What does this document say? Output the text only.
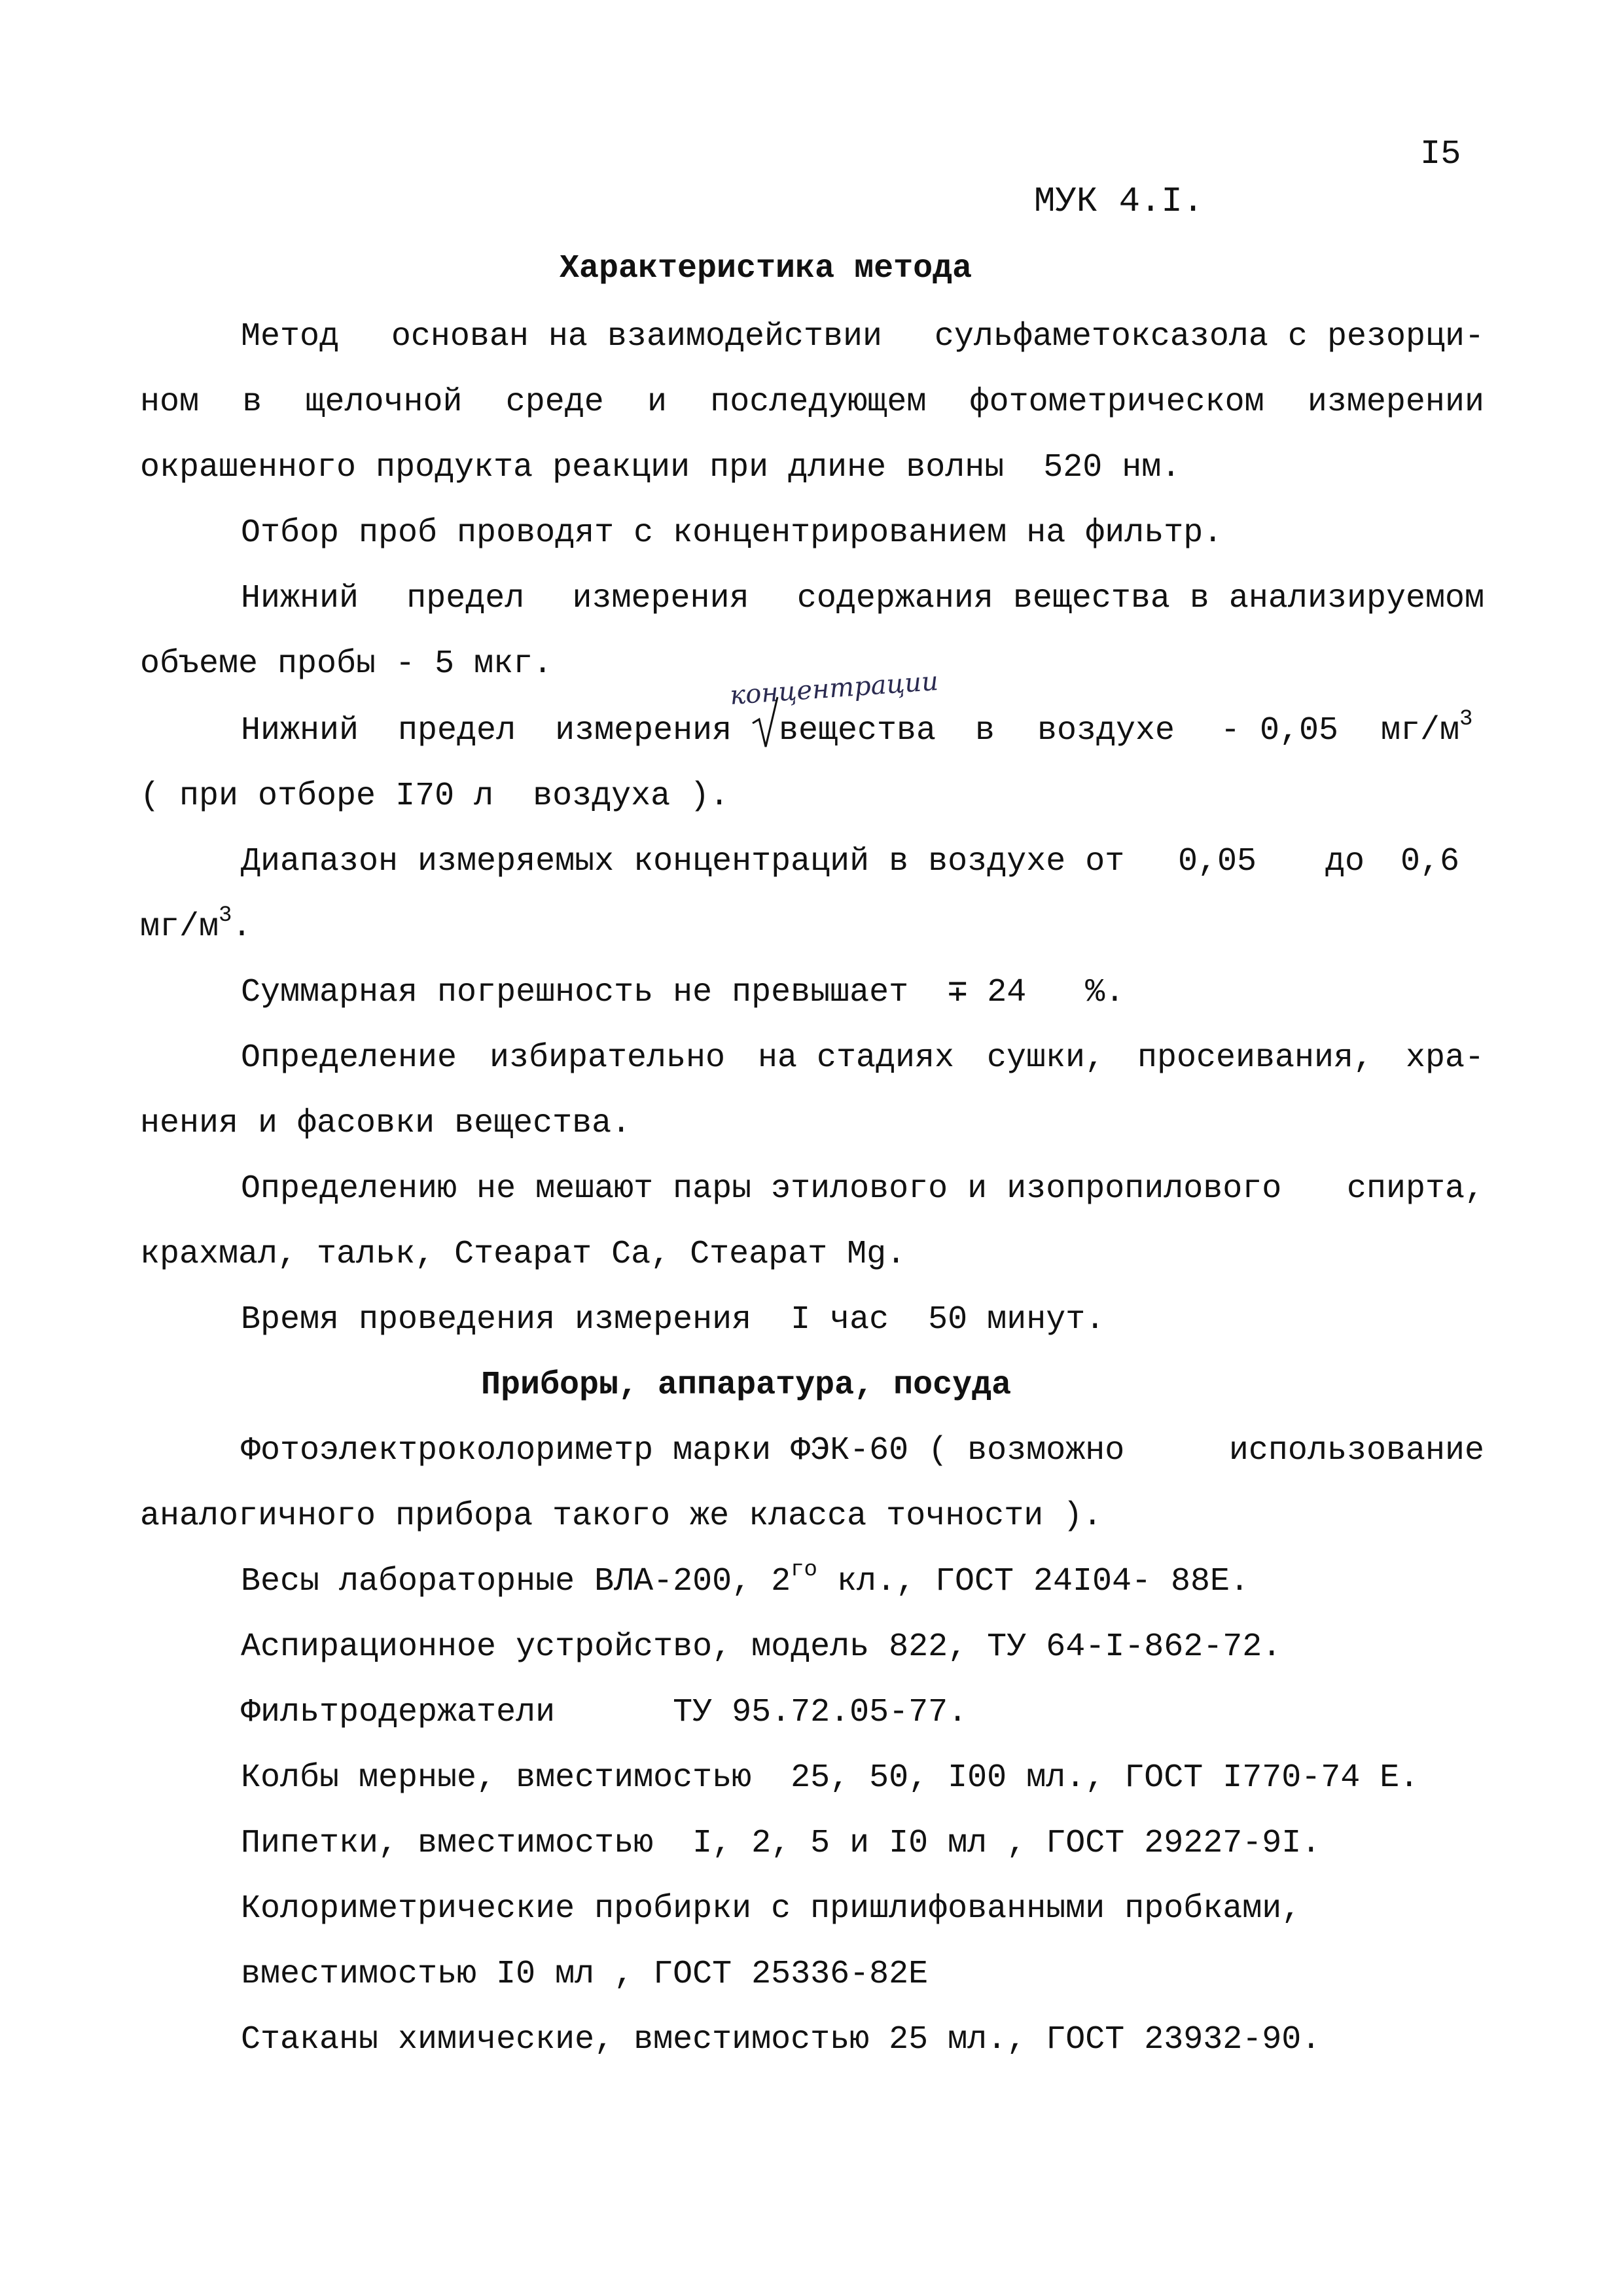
I5
МУК 4.I.
Характеристика метода
Метод основан на взаимодействии сульфаметоксазола с резорци-
ном в щелочной среде и последующем фотометрическом измерении
окрашенного продукта реакции при длине волны  520 нм.
Отбор проб проводят с концентрированием на фильтр.
Нижний предел измерения содержания вещества в анализируемом
объеме пробы - 5 мкг.
концентрации
Нижний  предел  измерения вещества в воздухе - 0,05 $мг/м^3$
( при отборе I70 л  воздуха ).
Диапазон измеряемых концентраций в воздухе от 0,05 до 0,6
$мг/м^3$.
Суммарная погрешность не превышает  ∓ 24   %.
Определение избирательно на стадиях сушки, просеивания, хра-
нения и фасовки вещества.
Определению не мешают пары этилового и изопропилового спирта,
крахмал, тальк, Стеарат Са, Стеарат Mg.
Время проведения измерения  I час  50 минут.
Приборы, аппаратура, посуда
Фотоэлектроколориметр марки ФЭК-60 ( возможно	использование
аналогичного прибора такого же класса точности ).
Весы лабораторные ВЛА-200, $2^{го}$ кл., ГОСТ 24I04- 88Е.
Аспирационное устройство, модель 822, ТУ 64-I-862-72.
Фильтродержатели      ТУ 95.72.05-77.
Колбы мерные, вместимостью  25, 50, I00 мл., ГОСТ I770-74 Е.
Пипетки, вместимостью  I, 2, 5 и I0 мл , ГОСТ 29227-9I.
Колориметрические пробирки с пришлифованными пробками,
вместимостью I0 мл , ГОСТ 25336-82Е
Стаканы химические, вместимостью 25 мл., ГОСТ 23932-90.
